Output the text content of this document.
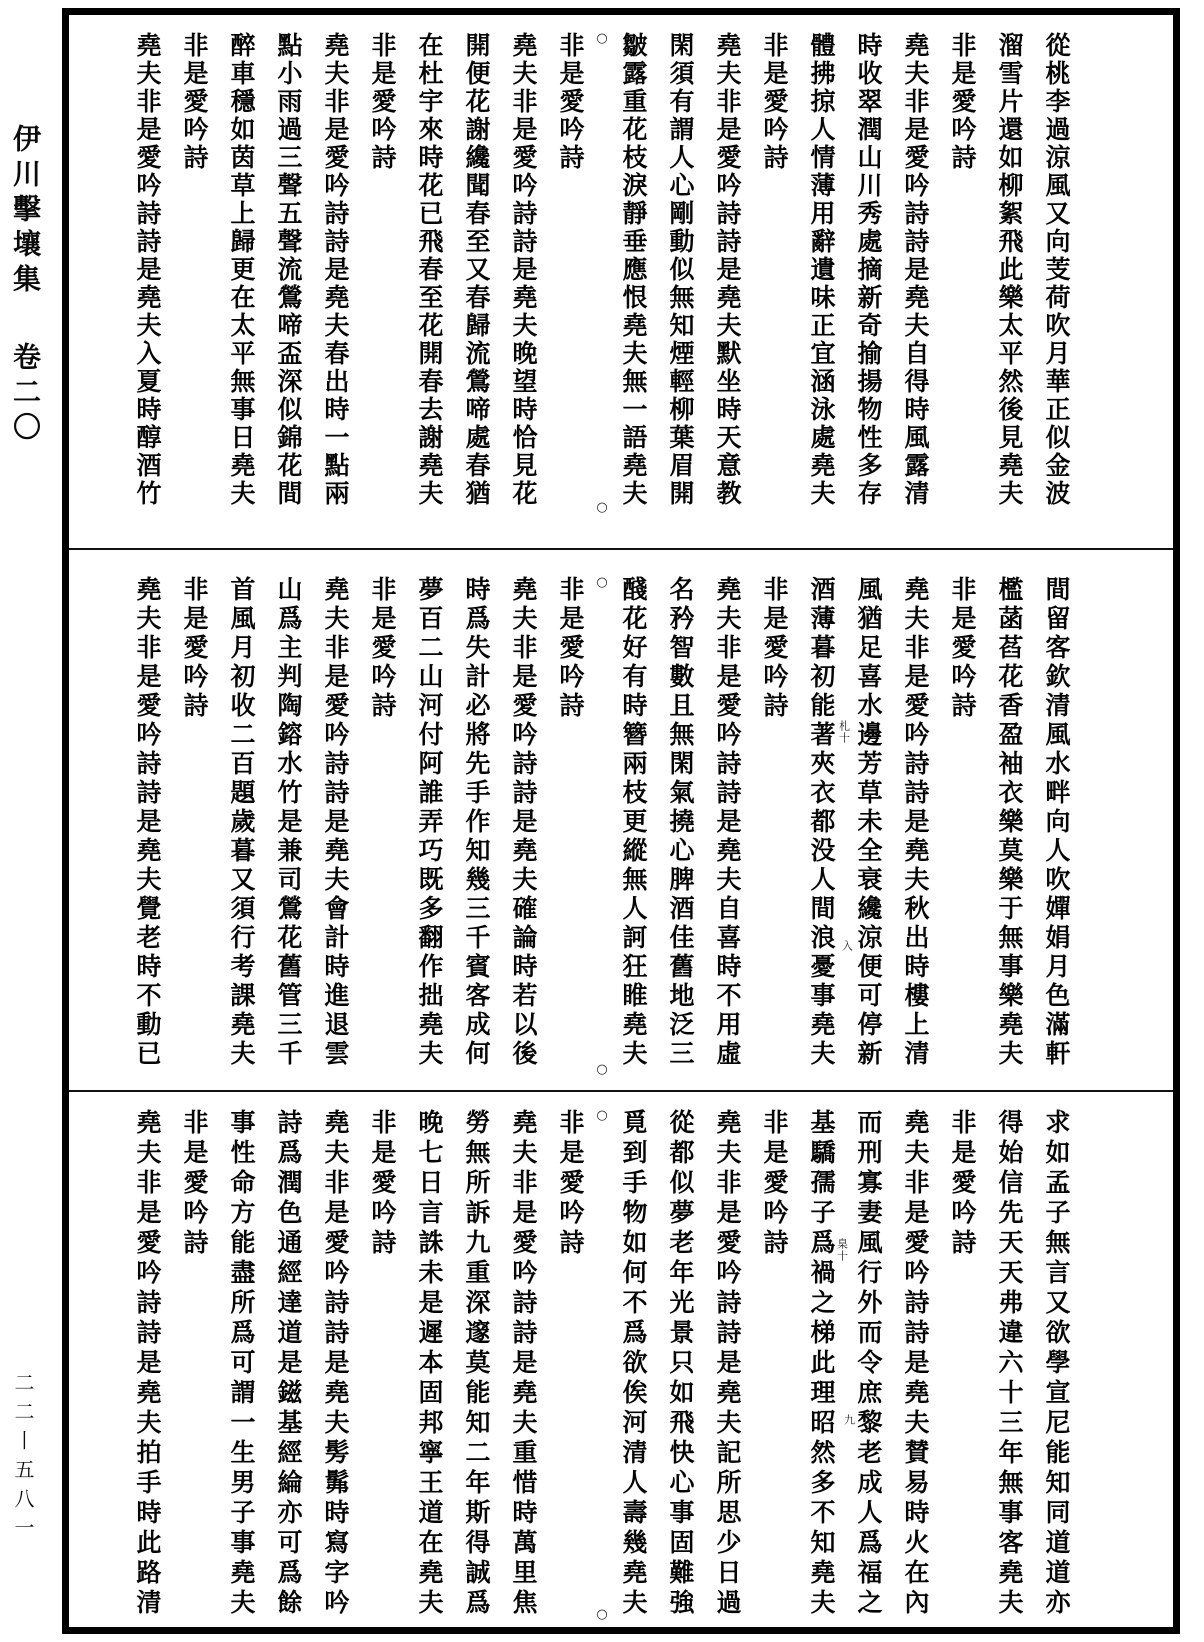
伊川擊壤集
卷二〇
二二丨五八一
從桃李過涼風又向芰荷吹月華正似金波
溜雪片還如柳絮飛此樂太平然後見堯夫
非是愛吟詩
堯夫非是愛吟詩詩是堯夫自得時風露清
時收翠潤山川秀處摘新奇揄揚物性多存
體拂掠人情薄用辭遺味正宜涵泳處堯夫
非是愛吟詩
堯夫非是愛吟詩詩是堯夫默坐時天意教
閑須有謂人心剛動似無知煙輕柳葉眉開
皺露重花枝淚靜垂應恨堯夫無一語堯夫
○
○
非是愛吟詩
堯夫非是愛吟詩詩是堯夫晚望時恰見花
開便花謝纔聞春至又春歸流鶯啼處春猶
在杜宇來時花已飛春至花開春去謝堯夫
非是愛吟詩
堯夫非是愛吟詩詩是堯夫春出時一點兩
點小雨過三聲五聲流鶯啼盃深似錦花間
醉車穩如茵草上歸更在太平無事日堯夫
非是愛吟詩
堯夫非是愛吟詩詩是堯夫入夏時醇酒竹
間留客欽清風水畔向人吹嬋娟月色滿軒
檻菡萏花香盈袖衣樂莫樂于無事樂堯夫
非是愛吟詩
堯夫非是愛吟詩詩是堯夫秋出時樓上清
風猶足喜水邊芳草未全衰纔涼便可停新
酒薄暮初能著夾衣都没人間浪憂事堯夫
非是愛吟詩
堯夫非是愛吟詩詩是堯夫自喜時不用虛
名矜智數且無閑氣撓心脾酒佳舊地泛三
醆花好有時簪兩枝更縱無人訶狂睢堯夫
○
○
非是愛吟詩
堯夫非是愛吟詩詩是堯夫確論時若以後
時爲失計必將先手作知幾三千賓客成何
夢百二山河付阿誰弄巧既多翻作拙堯夫
非是愛吟詩
堯夫非是愛吟詩詩是堯夫會計時進退雲
山爲主判陶鎔水竹是兼司鶯花舊管三千
首風月初收二百題歲暮又須行考課堯夫
非是愛吟詩
堯夫非是愛吟詩詩是堯夫覺老時不動已
求如孟子無言又欲學宣尼能知同道道亦
得始信先天天弗違六十三年無事客堯夫
非是愛吟詩
堯夫非是愛吟詩詩是堯夫賛易時火在內
而刑寡妻風行外而令庶黎老成人爲福之
基驕孺子爲禍之梯此理昭然多不知堯夫
非是愛吟詩
堯夫非是愛吟詩詩是堯夫記所思少日過
從都似夢老年光景只如飛快心事固難強
覓到手物如何不爲欲俟河清人壽幾堯夫
○
○
非是愛吟詩
堯夫非是愛吟詩詩是堯夫重惜時萬里焦
勞無所訴九重深邃莫能知二年斯得誠爲
晚七日言誅未是遲本固邦寧王道在堯夫
非是愛吟詩
堯夫非是愛吟詩詩是堯夫髣髴時寫字吟
詩爲潤色通經達道是鎡基經綸亦可爲餘
事性命方能盡所爲可謂一生男子事堯夫
非是愛吟詩
堯夫非是愛吟詩詩是堯夫拍手時此路清
札十
入
臬十
九
